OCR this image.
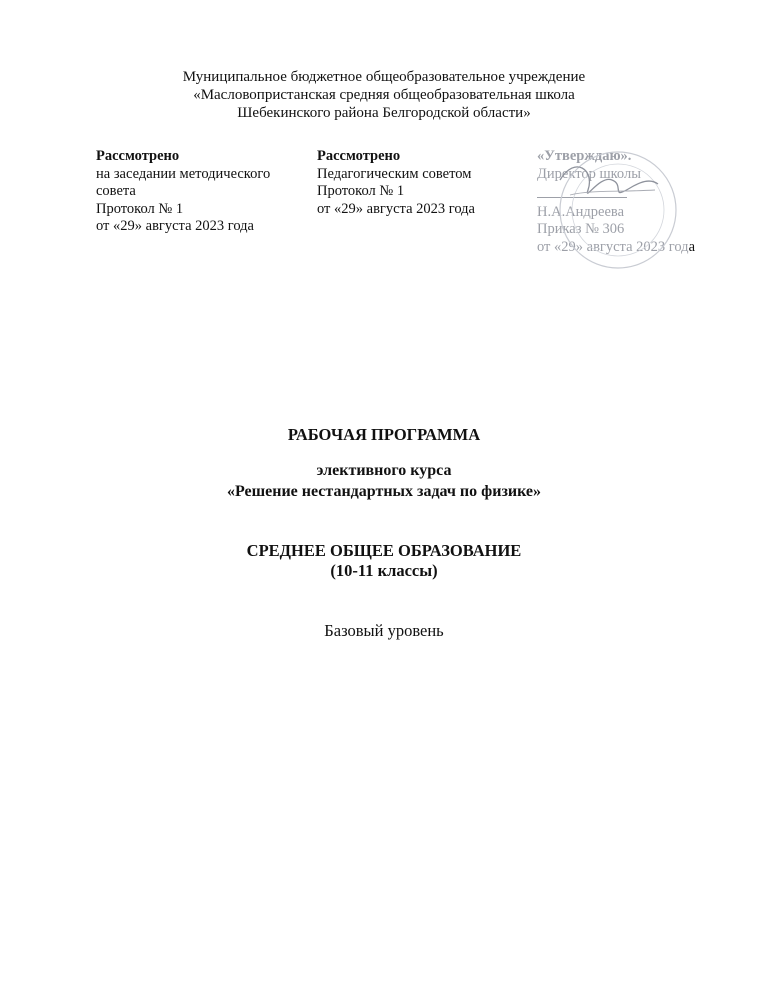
Муниципальное бюджетное общеобразовательное учреждение
«Масловопристанская средняя общеобразовательная школа
Шебекинского района Белгородской области»
Рассмотрено
на заседании методического
совета
Протокол № 1
от «29» августа 2023 года
Рассмотрено
Педагогическим советом
Протокол № 1
от «29» августа 2023 года
«Утверждаю».
Директор школы
Н.А.Андреева
Приказ № 306
от «29» августа 2023 года
РАБОЧАЯ ПРОГРАММА
элективного курса
«Решение нестандартных задач по физике»
СРЕДНЕЕ ОБЩЕЕ ОБРАЗОВАНИЕ
(10-11 классы)
Базовый уровень
